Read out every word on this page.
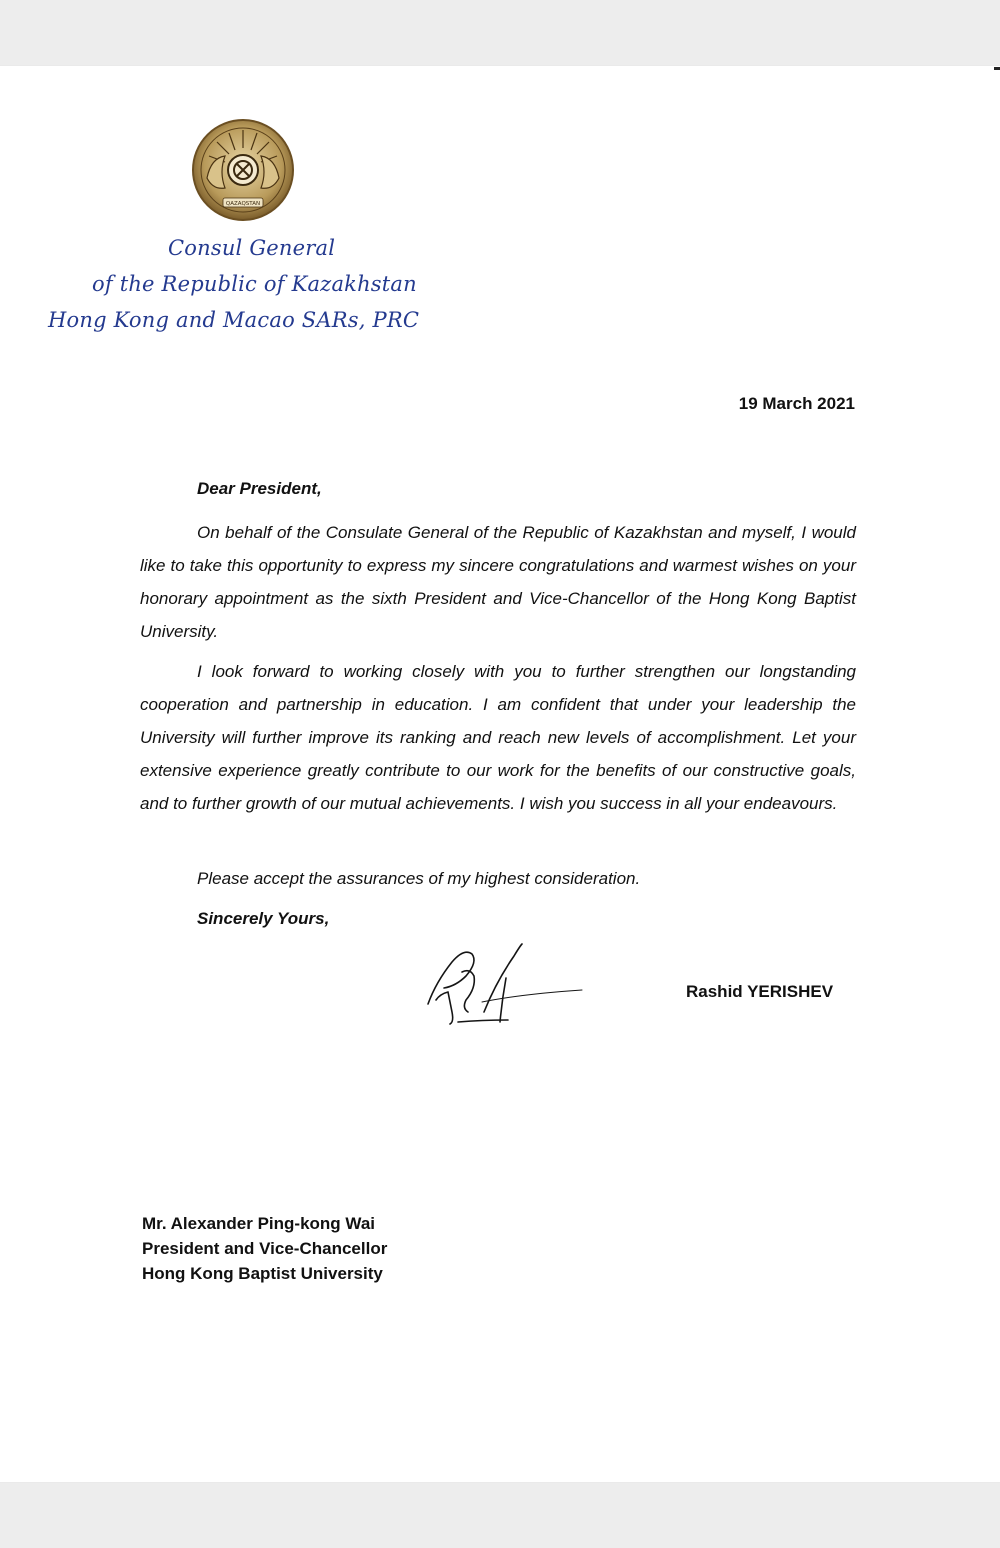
QAZAQSTAN
Consul General
of the Republic of Kazakhstan
Hong Kong and Macao SARs, PRC
19 March 2021
Dear President,

On behalf of the Consulate General of the Republic of Kazakhstan and myself, I would like to take this opportunity to express my sincere congratulations and warmest wishes on your honorary appointment as the sixth President and Vice-Chancellor of the Hong Kong Baptist University.

I look forward to working closely with you to further strengthen our longstanding cooperation and partnership in education. I am confident that under your leadership the University will further improve its ranking and reach new levels of accomplishment. Let your extensive experience greatly contribute to our work for the benefits of our constructive goals, and to further growth of our mutual achievements. I wish you success in all your endeavours.

Please accept the assurances of my highest consideration.

Sincerely Yours,
Rashid YERISHEV
Mr. Alexander Ping-kong Wai
President and Vice-Chancellor
Hong Kong Baptist University
